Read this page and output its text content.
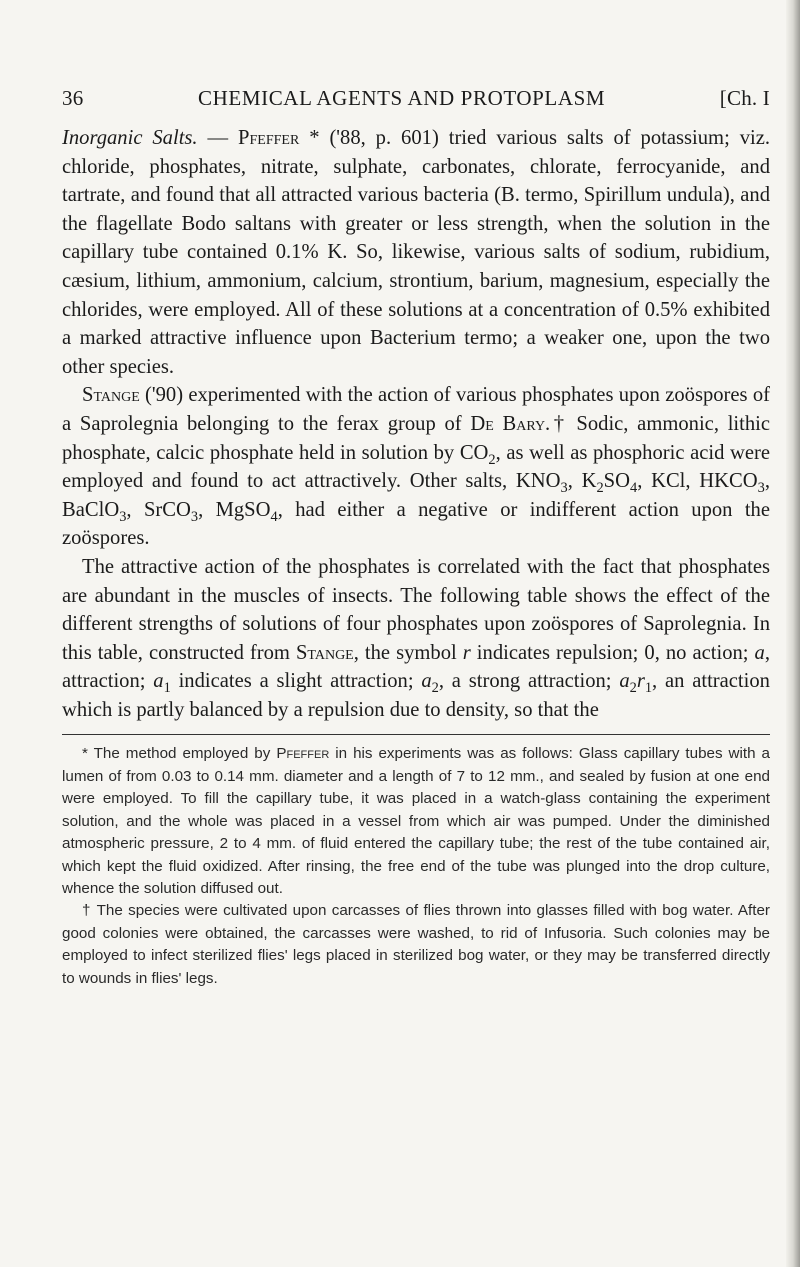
36	CHEMICAL AGENTS AND PROTOPLASM	[Ch. I

Inorganic Salts. — Pfeffer * ('88, p. 601) tried various salts of potassium; viz. chloride, phosphates, nitrate, sulphate, carbonates, chlorate, ferrocyanide, and tartrate, and found that all attracted various bacteria (B. termo, Spirillum undula), and the flagellate Bodo saltans with greater or less strength, when the solution in the capillary tube contained 0.1% K. So, likewise, various salts of sodium, rubidium, cæsium, lithium, ammonium, calcium, strontium, barium, magnesium, especially the chlorides, were employed. All of these solutions at a concentration of 0.5% exhibited a marked attractive influence upon Bacterium termo; a weaker one, upon the two other species.

Stange ('90) experimented with the action of various phosphates upon zoöspores of a Saprolegnia belonging to the ferax group of De Bary.† Sodic, ammonic, lithic phosphate, calcic phosphate held in solution by $CO_2$, as well as phosphoric acid were employed and found to act attractively. Other salts, $KNO_3$, $K_2SO_4$, KCl, $HKCO_3$, BaClO$_3$, SrCO$_3$, MgSO$_4$, had either a negative or indifferent action upon the zoöspores.

The attractive action of the phosphates is correlated with the fact that phosphates are abundant in the muscles of insects. The following table shows the effect of the different strengths of solutions of four phosphates upon zoöspores of Saprolegnia. In this table, constructed from Stange, the symbol r indicates repulsion; 0, no action; a, attraction; $a_1$ indicates a slight attraction; $a_2$, a strong attraction; $a_2r_1$, an attraction which is partly balanced by a repulsion due to density, so that the

* The method employed by Pfeffer in his experiments was as follows: Glass capillary tubes with a lumen of from 0.03 to 0.14 mm. diameter and a length of 7 to 12 mm., and sealed by fusion at one end were employed. To fill the capillary tube, it was placed in a watch-glass containing the experiment solution, and the whole was placed in a vessel from which air was pumped. Under the diminished atmospheric pressure, 2 to 4 mm. of fluid entered the capillary tube; the rest of the tube contained air, which kept the fluid oxidized. After rinsing, the free end of the tube was plunged into the drop culture, whence the solution diffused out.

† The species were cultivated upon carcasses of flies thrown into glasses filled with bog water. After good colonies were obtained, the carcasses were washed, to rid of Infusoria. Such colonies may be employed to infect sterilized flies' legs placed in sterilized bog water, or they may be transferred directly to wounds in flies' legs.
